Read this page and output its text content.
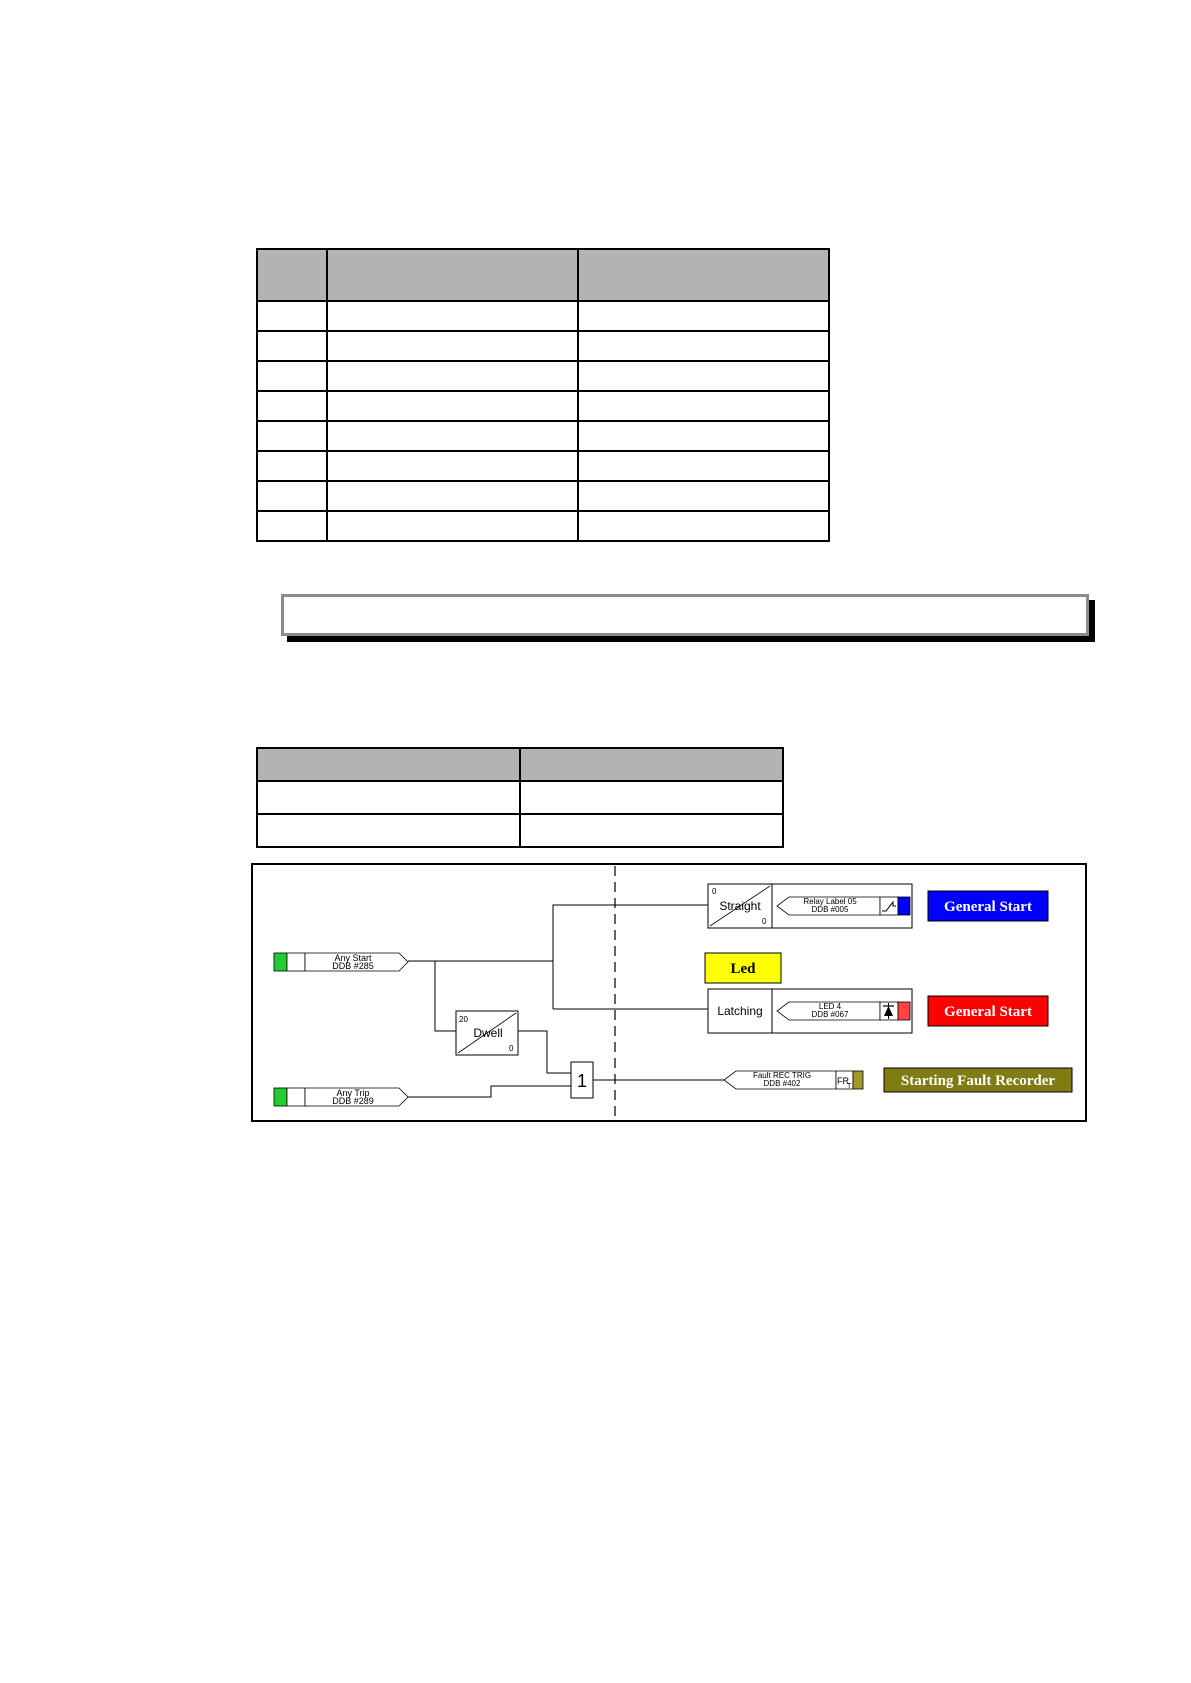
Any Start
DDB #285
Any Trip
DDB #289
20
0
Dwell
1
0
0
Straight	Relay Label 05
DDB #005	General Start
Led
Latching	LED 4
DDB #067	General Start
Fault REC TRIG
DDB #402	FR
T	Starting Fault Recorder
